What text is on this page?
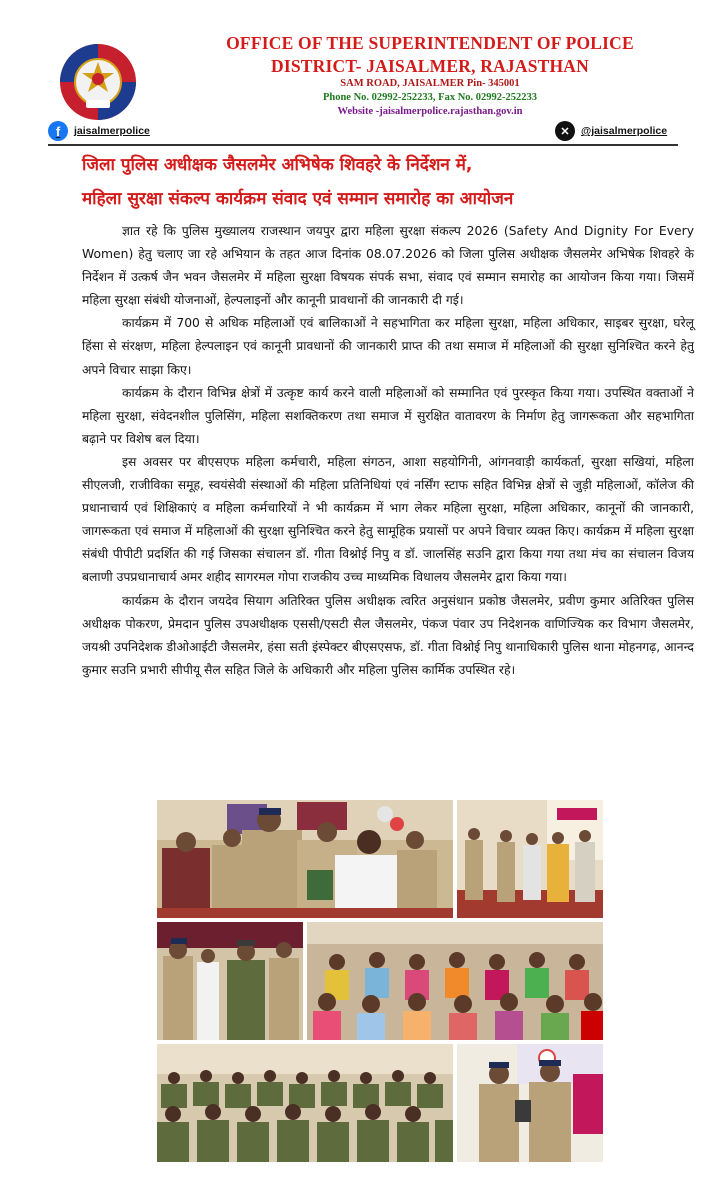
OFFICE OF THE SUPERINTENDENT OF POLICE
DISTRICT- JAISALMER, RAJASTHAN
SAM ROAD, JAISALMER Pin- 345001
Phone No. 02992-252233, Fax No. 02992-252233
Website -jaisalmerpolice.rajasthan.gov.in
f	jaisalmerpolice	✕	@jaisalmerpolice
जिला पुलिस अधीक्षक जैसलमेर अभिषेक शिवहरे के निर्देशन में,
महिला सुरक्षा संकल्प कार्यक्रम संवाद एवं सम्मान समारोह का आयोजन

ज्ञात रहे कि पुलिस मुख्यालय राजस्थान जयपुर द्वारा महिला सुरक्षा संकल्प 2026 (Safety And Dignity For Every Women) हेतु चलाए जा रहे अभियान के तहत आज दिनांक 08.07.2026 को जिला पुलिस अधीक्षक जैसलमेर अभिषेक शिवहरे के निर्देशन में उत्कर्ष जैन भवन जैसलमेर में महिला सुरक्षा विषयक संपर्क सभा, संवाद एवं सम्मान समारोह का आयोजन किया गया। जिसमें महिला सुरक्षा संबंधी योजनाओं, हेल्पलाइनों और कानूनी प्रावधानों की जानकारी दी गई।

कार्यक्रम में 700 से अधिक महिलाओं एवं बालिकाओं ने सहभागिता कर महिला सुरक्षा, महिला अधिकार, साइबर सुरक्षा, घरेलू हिंसा से संरक्षण, महिला हेल्पलाइन एवं कानूनी प्रावधानों की जानकारी प्राप्त की तथा समाज में महिलाओं की सुरक्षा सुनिश्चित करने हेतु अपने विचार साझा किए।

कार्यक्रम के दौरान विभिन्न क्षेत्रों में उत्कृष्ट कार्य करने वाली महिलाओं को सम्मानित एवं पुरस्कृत किया गया। उपस्थित वक्ताओं ने महिला सुरक्षा, संवेदनशील पुलिसिंग, महिला सशक्तिकरण तथा समाज में सुरक्षित वातावरण के निर्माण हेतु जागरूकता और सहभागिता बढ़ाने पर विशेष बल दिया।

इस अवसर पर बीएसएफ महिला कर्मचारी, महिला संगठन, आशा सहयोगिनी, आंगनवाड़ी कार्यकर्ता, सुरक्षा सखियां, महिला सीएलजी, राजीविका समूह, स्वयंसेवी संस्थाओं की महिला प्रतिनिधियां एवं नर्सिंग स्टाफ सहित विभिन्न क्षेत्रों से जुड़ी महिलाओं, कॉलेज की प्रधानाचार्य एवं शिक्षिकाएं व महिला कर्मचारियों ने भी कार्यक्रम में भाग लेकर महिला सुरक्षा, महिला अधिकार, कानूनों की जानकारी, जागरूकता एवं समाज में महिलाओं की सुरक्षा सुनिश्चित करने हेतु सामूहिक प्रयासों पर अपने विचार व्यक्त किए। कार्यक्रम में महिला सुरक्षा संबंधी पीपीटी प्रदर्शित की गई जिसका संचालन डॉ. गीता विश्नोई निपु व डॉ. जालसिंह सउनि द्वारा किया गया तथा मंच का संचालन विजय बलाणी उपप्रधानाचार्य अमर शहीद सागरमल गोपा राजकीय उच्च माध्यमिक विधालय जैसलमेर द्वारा किया गया।

कार्यक्रम के दौरान जयदेव सियाग अतिरिक्त पुलिस अधीक्षक त्वरित अनुसंधान प्रकोष्ठ जैसलमेर, प्रवीण कुमार अतिरिक्त पुलिस अधीक्षक पोकरण, प्रेमदान पुलिस उपअधीक्षक एससी/एसटी सैल जैसलमेर, पंकज पंवार उप निदेशनक वाणिज्यिक कर विभाग जैसलमेर, जयश्री उपनिदेशक डीओआईटी जैसलमेर, हंसा सती इंस्पेक्टर बीएसएसफ, डॉ. गीता विश्नोई निपु थानाधिकारी पुलिस थाना मोहनगढ़, आनन्द कुमार सउनि प्रभारी सीपीयू सैल सहित जिले के अधिकारी और महिला पुलिस कार्मिक उपस्थित रहे।
